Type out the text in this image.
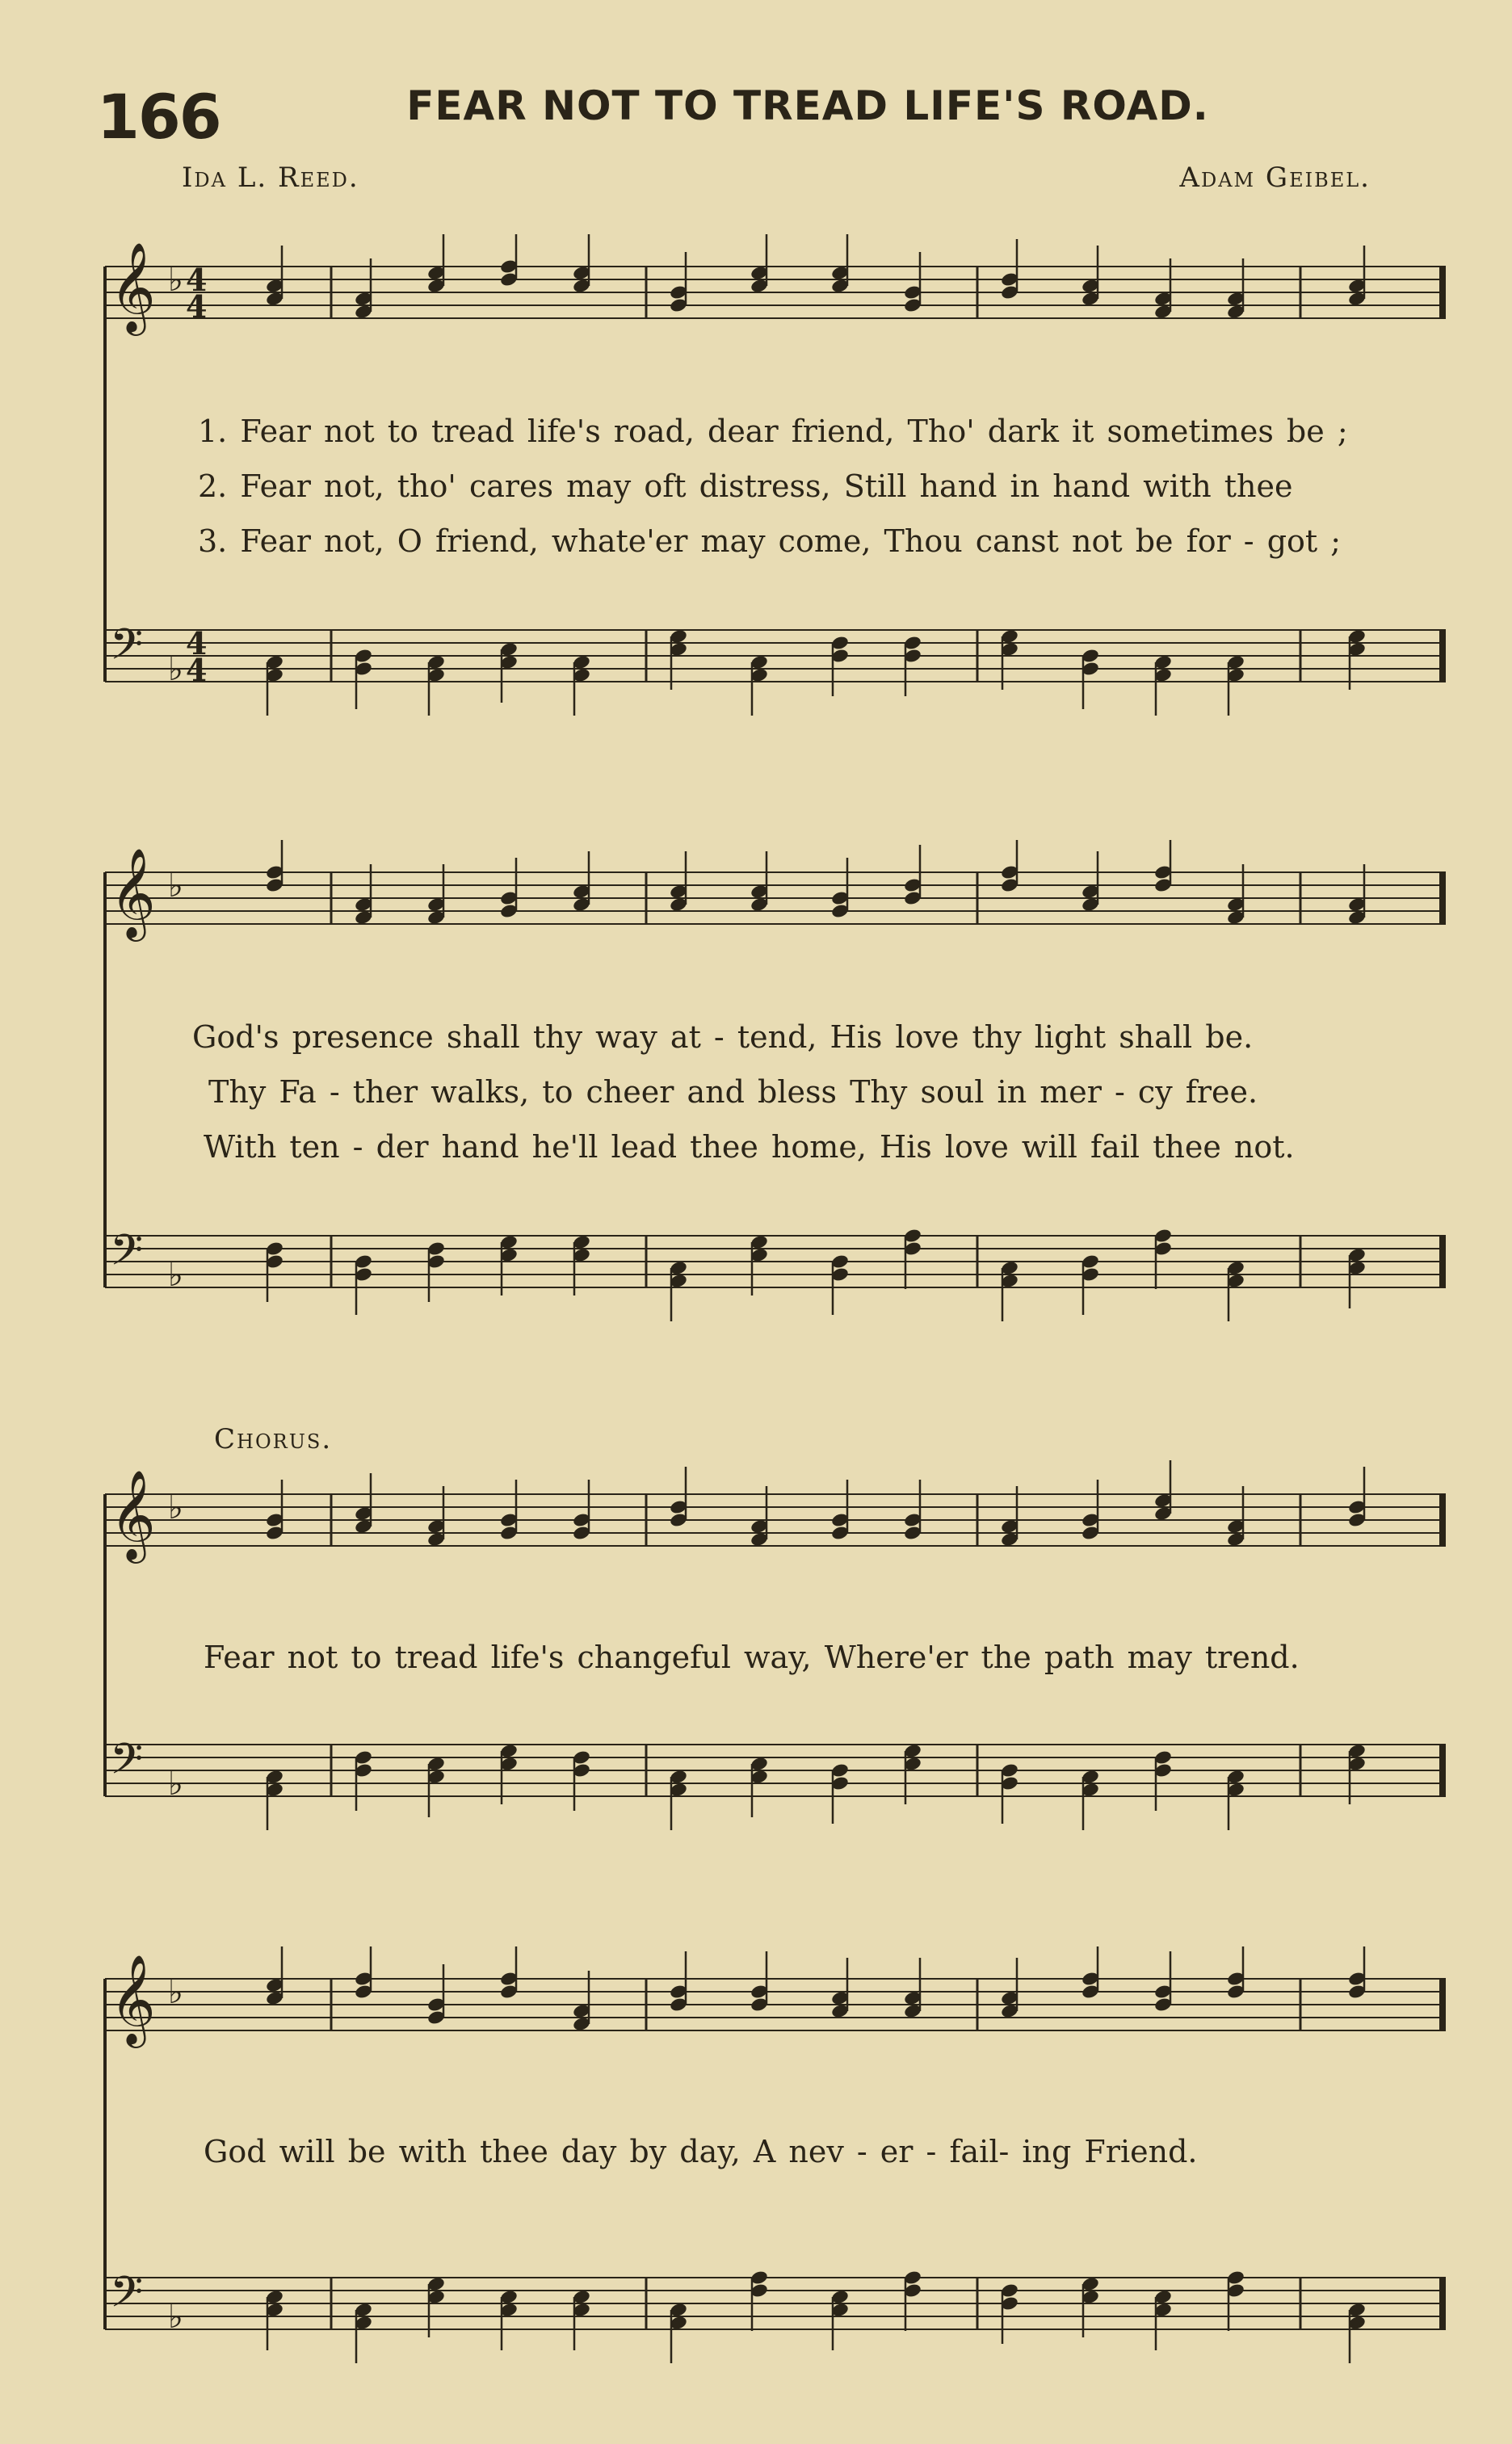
166	FEAR NOT TO TREAD LIFE'S ROAD.
Ida L. Reed.	Adam Geibel.
Chorus.
𝄞 ♭ 4
4
𝄢 ♭
4
4
1. Fear not to tread life's road, dear friend, Tho' dark it sometimes be ;
2. Fear not, tho' cares may oft distress, Still hand in hand with thee
3. Fear not, O friend, whate'er may come, Thou canst not be for - got ;
𝄞 ♭
𝄢 ♭
God's presence shall thy way at - tend, His love thy light shall be.
Thy Fa - ther walks, to cheer and bless Thy soul in mer - cy free.
With ten - der hand he'll lead thee home, His love will fail thee not.
𝄞 ♭
𝄢 ♭
Fear not to tread life's changeful way, Where'er the path may trend.
𝄞 ♭
𝄢 ♭
God will be with thee day by day, A nev - er - fail- ing Friend.
